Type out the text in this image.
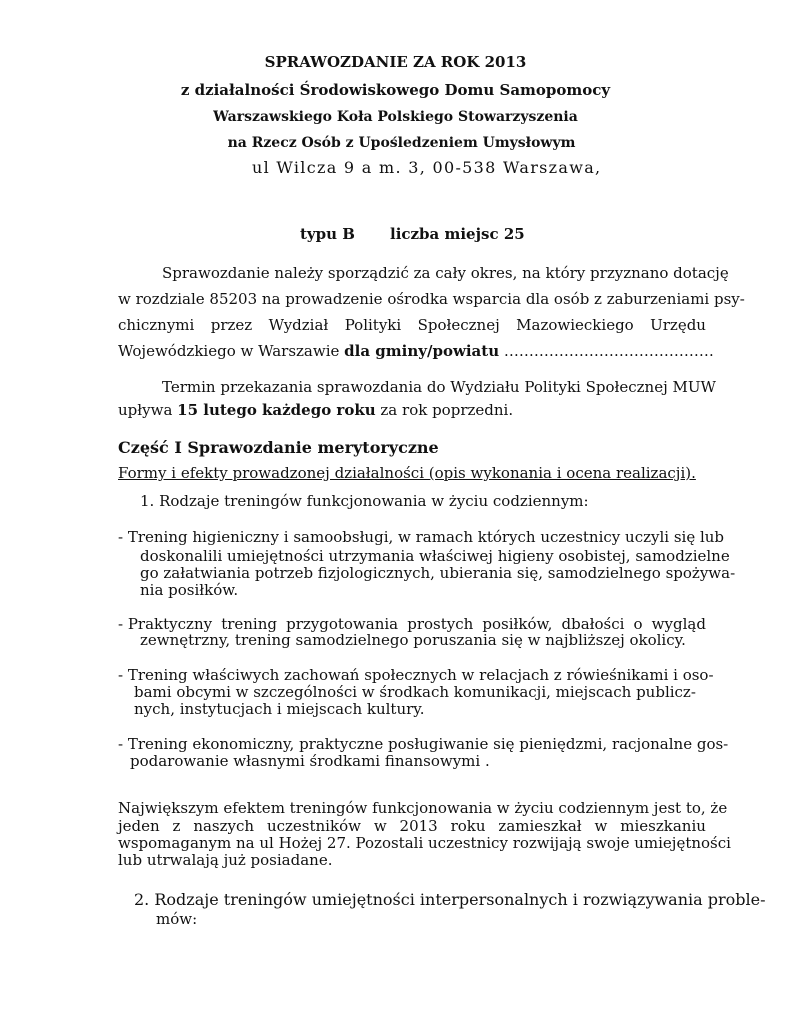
SPRAWOZDANIE ZA ROK 2013
z działalności Środowiskowego Domu Samopomocy
Warszawskiego Koła Polskiego Stowarzyszenia
na Rzecz Osób z Upośledzeniem Umysłowym
ul Wilcza 9 a m. 3, 00-538 Warszawa,
typu B liczba miejsc 25
Sprawozdanie należy sporządzić za cały okres, na który przyznano dotację
w rozdziale 85203 na prowadzenie ośrodka wsparcia dla osób z zaburzeniami psy-
chicznymi przez Wydział Polityki Społecznej Mazowieckiego Urzędu
Wojewódzkiego w Warszawie dla gminy/powiatu ……………………………………
Termin przekazania sprawozdania do Wydziału Polityki Społecznej MUW
upływa 15 lutego każdego roku za rok poprzedni.
Część I Sprawozdanie merytoryczne
Formy i efekty prowadzonej działalności (opis wykonania i ocena realizacji).
1. Rodzaje treningów funkcjonowania w życiu codziennym:
- Trening higieniczny i samoobsługi, w ramach których uczestnicy uczyli się lub
doskonalili umiejętności utrzymania właściwej higieny osobistej, samodzielne
go załatwiania potrzeb fizjologicznych, ubierania się, samodzielnego spożywa-
nia posiłków.
- Praktyczny trening przygotowania prostych posiłków, dbałości o wygląd
zewnętrzny, trening samodzielnego poruszania się w najbliższej okolicy.
- Trening właściwych zachowań społecznych w relacjach z rówieśnikami i oso-
bami obcymi w szczególności w środkach komunikacji, miejscach publicz-
nych, instytucjach i miejscach kultury.
- Trening ekonomiczny, praktyczne posługiwanie się pieniędzmi, racjonalne gos-
podarowanie własnymi środkami finansowymi .
Największym efektem treningów funkcjonowania w życiu codziennym jest to, że
jeden z naszych uczestników w 2013 roku zamieszkał w mieszkaniu
wspomaganym na ul Hożej 27. Pozostali uczestnicy rozwijają swoje umiejętności
lub utrwalają już posiadane.
2. Rodzaje treningów umiejętności interpersonalnych i rozwiązywania proble-
mów:
